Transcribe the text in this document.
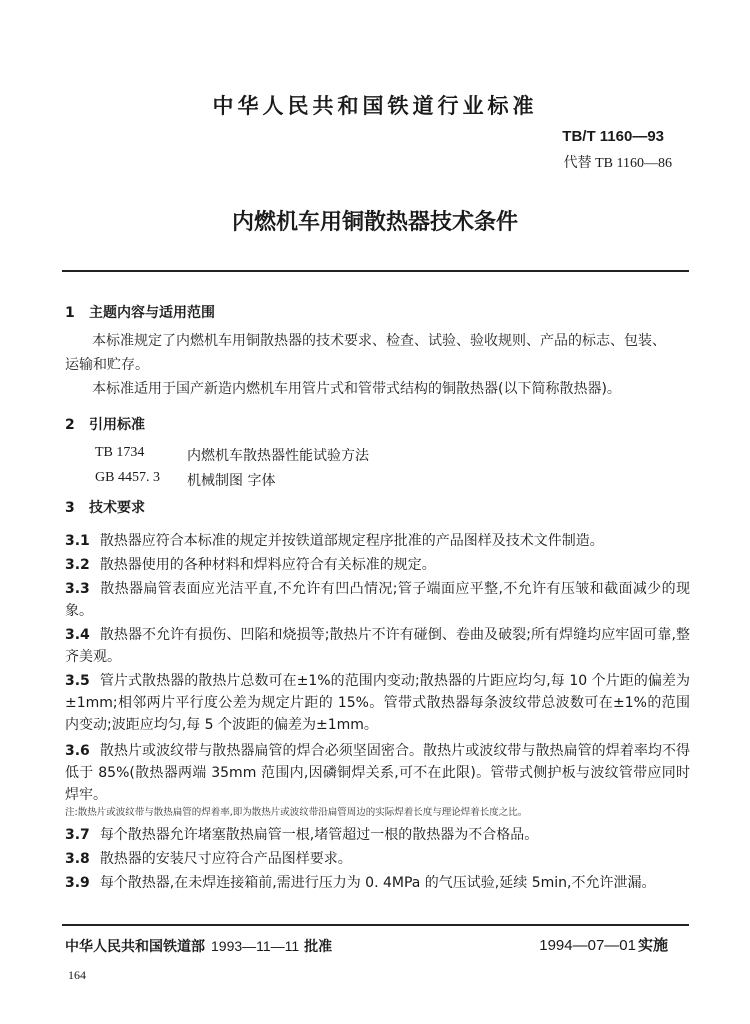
中华人民共和国铁道行业标准
TB/T 1160—93
代替 TB 1160—86
内燃机车用铜散热器技术条件
1 主题内容与适用范围
本标准规定了内燃机车用铜散热器的技术要求、检查、试验、验收规则、产品的标志、包装、
运输和贮存。
本标准适用于国产新造内燃机车用管片式和管带式结构的铜散热器(以下简称散热器)。
2 引用标准
TB 1734	内燃机车散热器性能试验方法
GB 4457. 3 机械制图 字体
3 技术要求
3.1 散热器应符合本标准的规定并按铁道部规定程序批准的产品图样及技术文件制造。
3.2 散热器使用的各种材料和焊料应符合有关标准的规定。
3.3 散热器扁管表面应光洁平直,不允许有凹凸情况;管子端面应平整,不允许有压皱和截面减少的现象。
3.4 散热器不允许有损伤、凹陷和烧损等;散热片不许有碰倒、卷曲及破裂;所有焊缝均应牢固可靠,整齐美观。
3.5 管片式散热器的散热片总数可在±1%的范围内变动;散热器的片距应均匀,每 10 个片距的偏差为±1mm;相邻两片平行度公差为规定片距的 15%。管带式散热器每条波纹带总波数可在±1%的范围内变动;波距应均匀,每 5 个波距的偏差为±1mm。
3.6 散热片或波纹带与散热器扁管的焊合必须坚固密合。散热片或波纹带与散热扁管的焊着率均不得低于 85%(散热器两端 35mm 范围内,因磷铜焊关系,可不在此限)。管带式侧护板与波纹管带应同时焊牢。
注:散热片或波纹带与散热扁管的焊着率,即为散热片或波纹带沿扁管周边的实际焊着长度与理论焊着长度之比。
3.7 每个散热器允许堵塞散热扁管一根,堵管超过一根的散热器为不合格品。
3.8 散热器的安装尺寸应符合产品图样要求。
3.9 每个散热器,在未焊连接箱前,需进行压力为 0. 4MPa 的气压试验,延续 5min,不允许泄漏。
中华人民共和国铁道部 1993—11—11 批准	1994—07—01 实施
164
